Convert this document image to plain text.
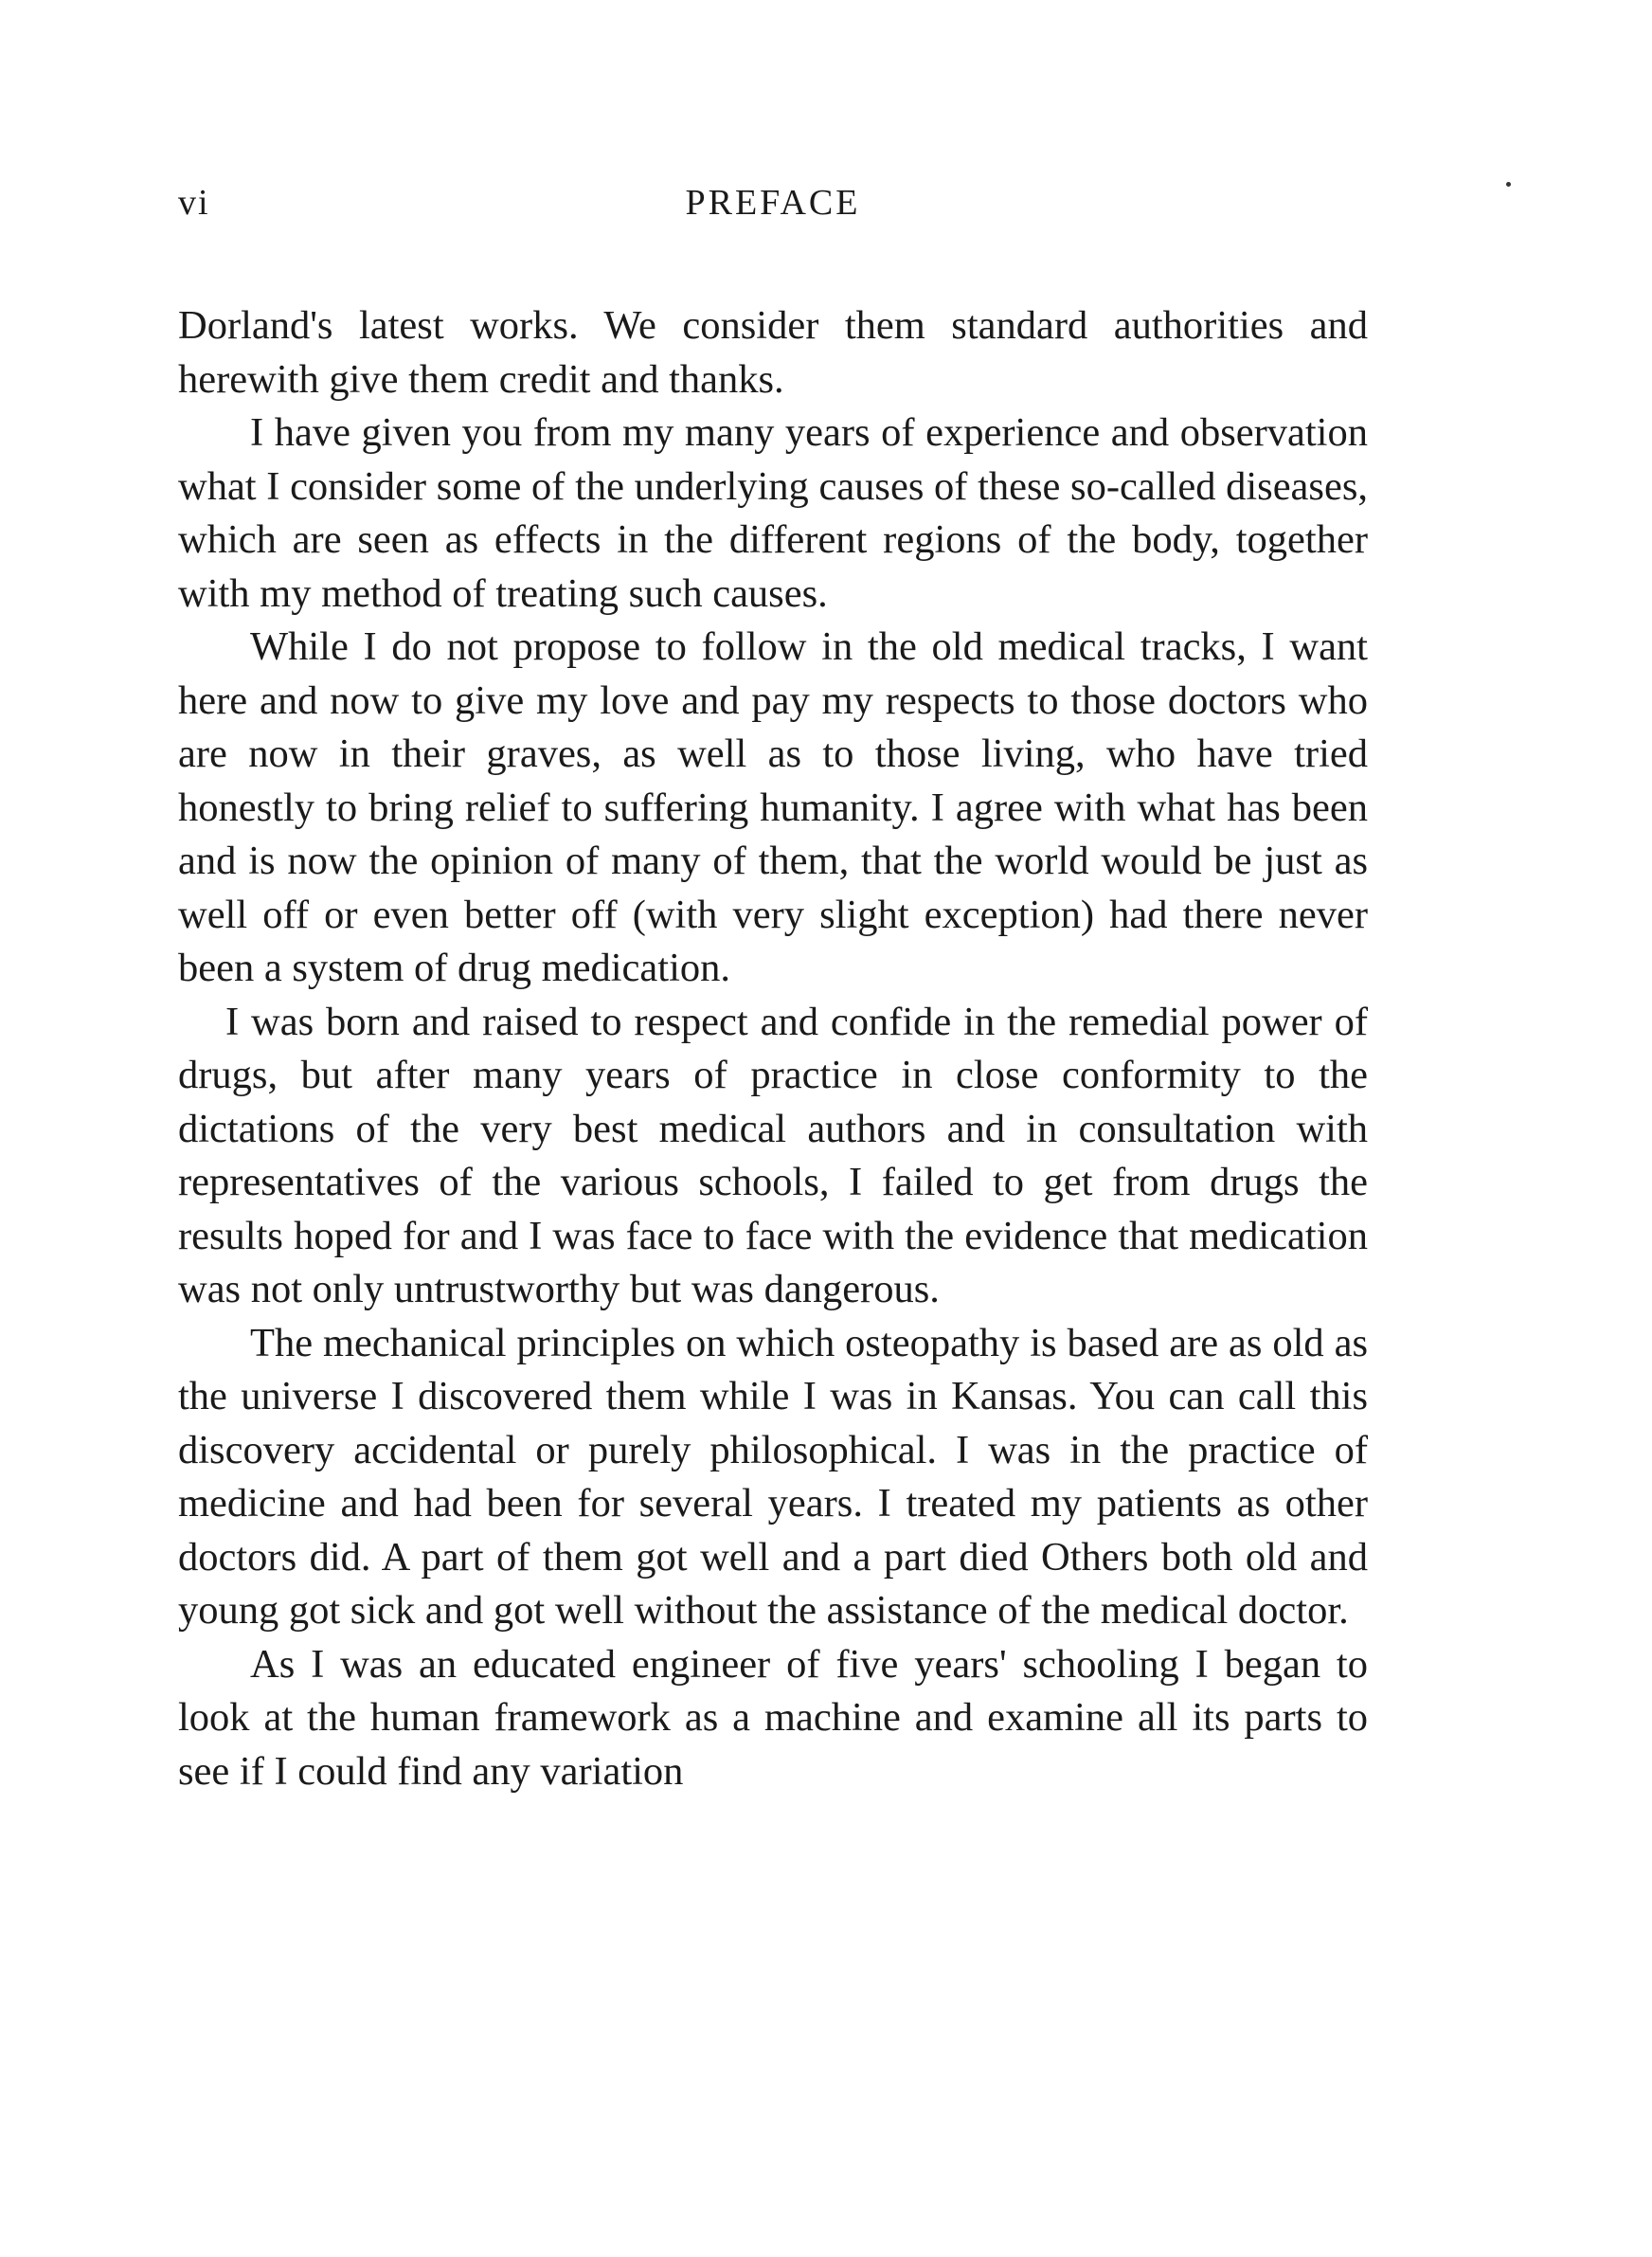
vi	PREFACE

Dorland's latest works. We consider them standard authorities and herewith give them credit and thanks.

I have given you from my many years of experience and observation what I consider some of the underlying causes of these so-called diseases, which are seen as effects in the different regions of the body, together with my method of treating such causes.

While I do not propose to follow in the old medical tracks, I want here and now to give my love and pay my respects to those doctors who are now in their graves, as well as to those living, who have tried honestly to bring relief to suffering humanity. I agree with what has been and is now the opinion of many of them, that the world would be just as well off or even better off (with very slight exception) had there never been a system of drug medication.

I was born and raised to respect and confide in the remedial power of drugs, but after many years of practice in close conformity to the dictations of the very best medical authors and in consultation with representatives of the various schools, I failed to get from drugs the results hoped for and I was face to face with the evidence that medication was not only untrustworthy but was dangerous.

The mechanical principles on which osteopathy is based are as old as the universe I discovered them while I was in Kansas. You can call this discovery accidental or purely philosophical. I was in the practice of medicine and had been for several years. I treated my patients as other doctors did. A part of them got well and a part died Others both old and young got sick and got well without the assistance of the medical doctor.

As I was an educated engineer of five years' schooling I began to look at the human framework as a machine and examine all its parts to see if I could find any variation
